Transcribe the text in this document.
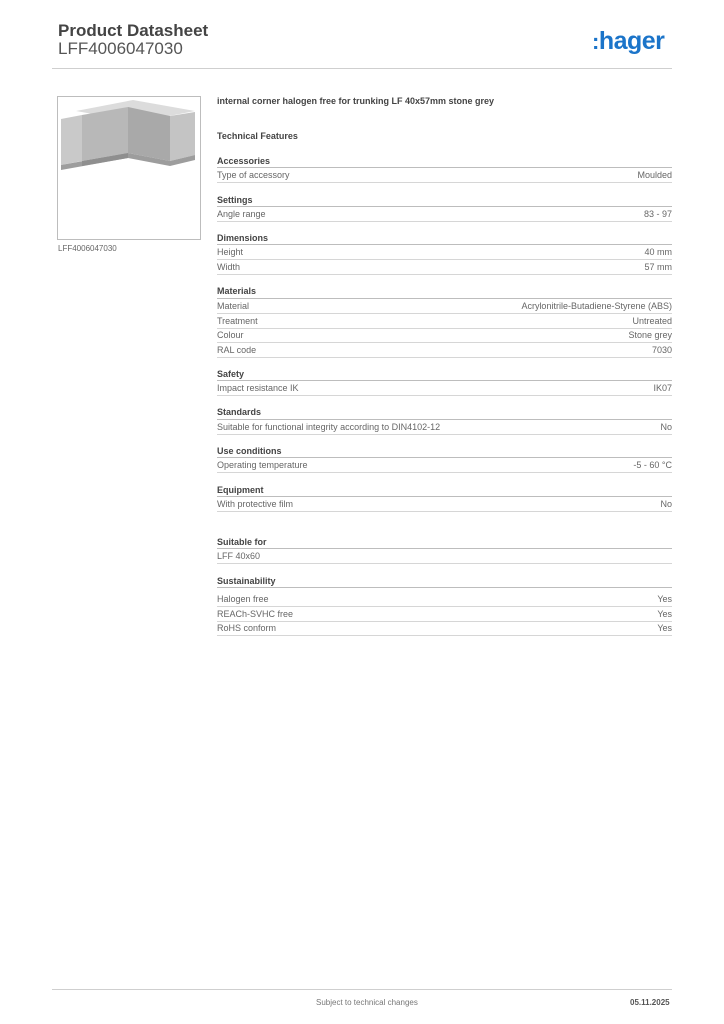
Product Datasheet
LFF4006047030	:hager
LFF4006047030
internal corner halogen free for trunking LF 40x57mm stone grey
Technical Features
Accessories
Type of accessory	Moulded
Settings
Angle range	83 - 97
Dimensions
Height	40 mm
Width	57 mm
Materials
Material	Acrylonitrile-Butadiene-Styrene (ABS)
Treatment	Untreated
Colour	Stone grey
RAL code	7030
Safety
Impact resistance IK	IK07
Standards
Suitable for functional integrity according to DIN4102-12	No
Use conditions
Operating temperature	-5 - 60 °C
Equipment
With protective film	No
Suitable for
LFF 40x60
Sustainability
Halogen free	Yes
REACh-SVHC free	Yes
RoHS conform	Yes
Subject to technical changes	05.11.2025
